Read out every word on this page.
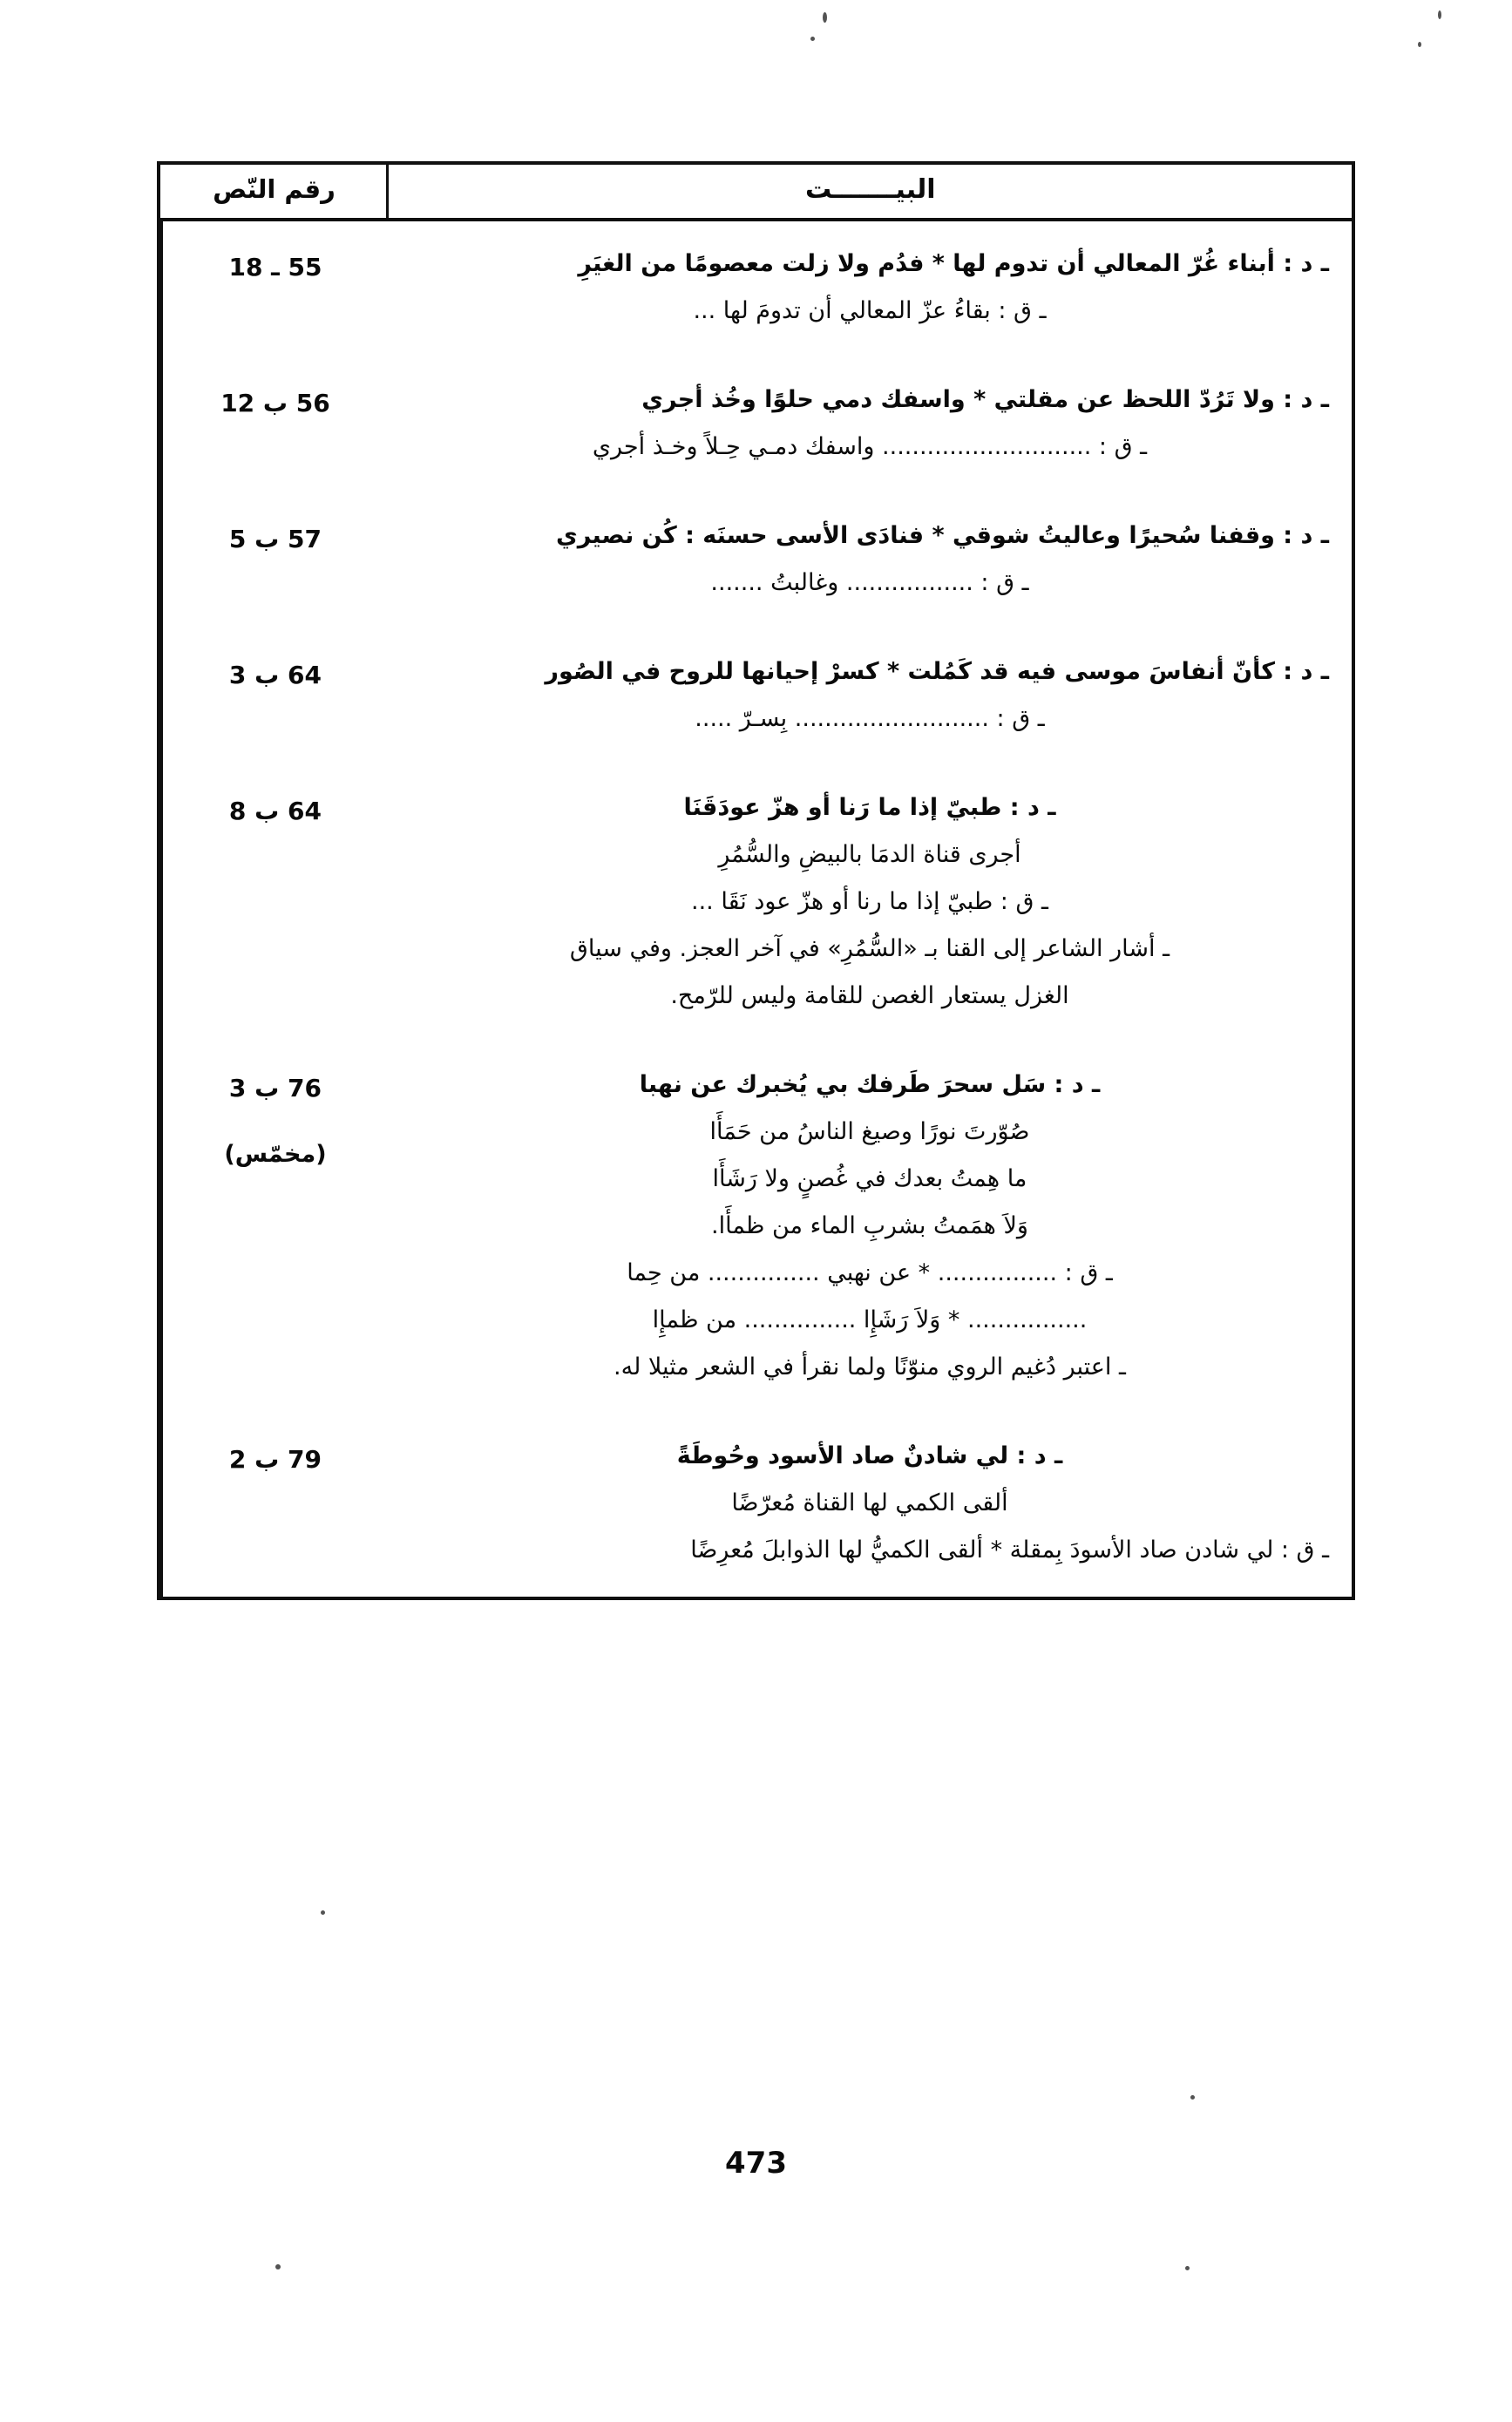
البيـــــــت	رقم النّص

ـ د : أبناء غُرّ المعالي أن تدوم لها * فدُم ولا زلت معصومًا من الغيَرِ
ـ ق : بقاءُ عزّ المعالي أن تدومَ لها ...	55 ـ 18

ـ د : ولا تَرُدّ اللحظ عن مقلتي * واسفك دمي حلوًا وخُذ أجري
ـ ق : ............................ واسفك دمـي حِـلاً وخـذ أجري	56 ب 12

ـ د : وقفنا سُحيرًا وعاليتُ شوقي * فنادَى الأسى حسنَه : كُن نصيري
ـ ق : ................. وغالبتُ .......	57 ب 5

ـ د : كأنّ أنفاسَ موسى فيه قد كَمُلت * كسرْ إحيانها للروح في الصُور
ـ ق : .......................... بِسـرّ .....	64 ب 3

ـ د : طبيّ إذا ما رَنا أو هزّ عودَقَنَا
أجرى قناة الدمَا بالبيضِ والسُّمُرِ
ـ ق : طبيّ إذا ما رنا أو هزّ عود نَقَا ...
ـ أشار الشاعر إلى القنا بـ «السُّمُرِ» في آخر العجز. وفي سياق
الغزل يستعار الغصن للقامة وليس للرّمح.	64 ب 8

ـ د : سَل سحرَ طَرفك بي يُخبرك عن نهبا
صُوّرتَ نورًا وصيغ الناسُ من حَمَأَا
ما هِمتُ بعدك في غُصنٍ ولا رَشَأَا
وَلاَ همَمتُ بشربِ الماء من ظمأَا.
ـ ق : ................ * عن نهبي ............... من حِما
................ * وَلاَ رَشَإِا ............... من ظمإِا
ـ اعتبر دُغيم الروي منوّنًا ولما نقرأ في الشعر مثيلا له.
	76 ب 3
(مخمّس)

ـ د : لي شادنٌ صاد الأسود وحُوطَةً
ألقى الكمي لها القناة مُعرّضًا
ـ ق : لي شادن صاد الأسودَ بِمقلة * ألقى الكميُّ لها الذوابلَ مُعرِضًا	79 ب 2
473
